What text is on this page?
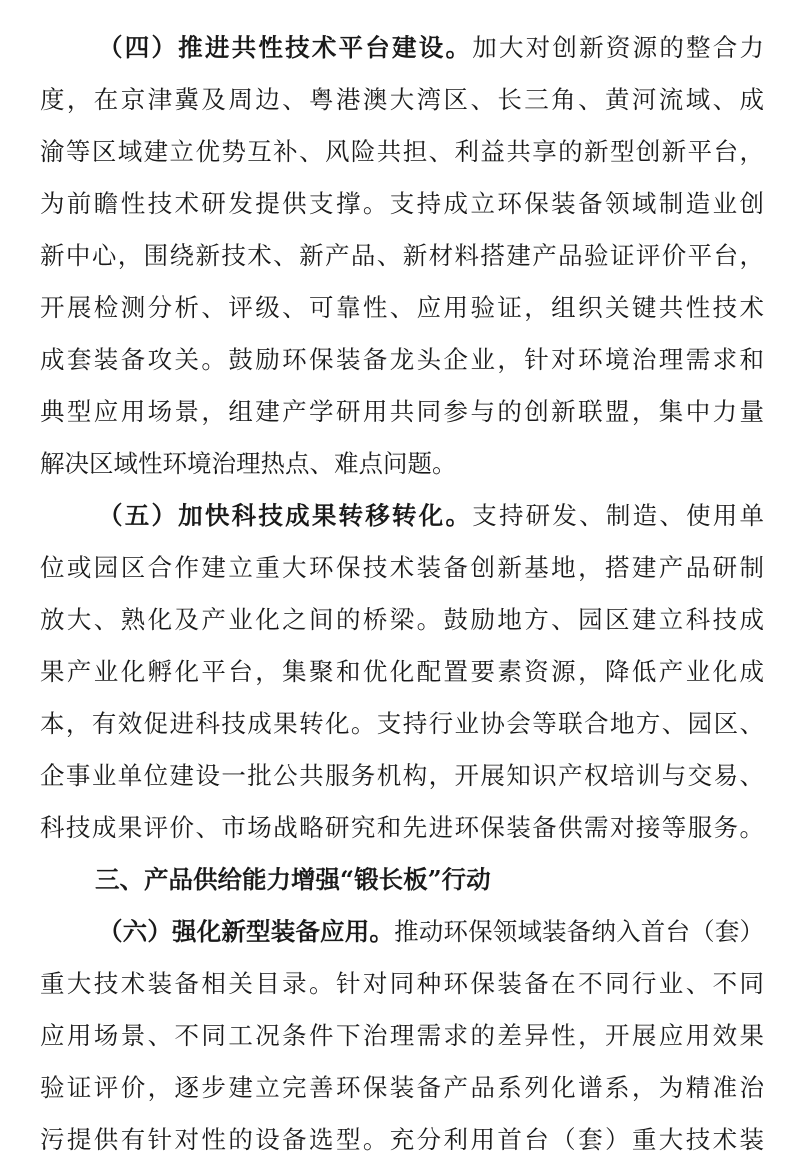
（四）推进共性技术平台建设。加大对创新资源的整合力
度，在京津冀及周边、粤港澳大湾区、长三角、黄河流域、成
渝等区域建立优势互补、风险共担、利益共享的新型创新平台，
为前瞻性技术研发提供支撑。支持成立环保装备领域制造业创
新中心，围绕新技术、新产品、新材料搭建产品验证评价平台，
开展检测分析、评级、可靠性、应用验证，组织关键共性技术
成套装备攻关。鼓励环保装备龙头企业，针对环境治理需求和
典型应用场景，组建产学研用共同参与的创新联盟，集中力量
解决区域性环境治理热点、难点问题。
（五）加快科技成果转移转化。支持研发、制造、使用单
位或园区合作建立重大环保技术装备创新基地，搭建产品研制
放大、熟化及产业化之间的桥梁。鼓励地方、园区建立科技成
果产业化孵化平台，集聚和优化配置要素资源，降低产业化成
本，有效促进科技成果转化。支持行业协会等联合地方、园区、
企事业单位建设一批公共服务机构，开展知识产权培训与交易、
科技成果评价、市场战略研究和先进环保装备供需对接等服务。
三、产品供给能力增强“锻长板”行动
（六）强化新型装备应用。推动环保领域装备纳入首台（套）
重大技术装备相关目录。针对同种环保装备在不同行业、不同
应用场景、不同工况条件下治理需求的差异性，开展应用效果
验证评价，逐步建立完善环保装备产品系列化谱系，为精准治
污提供有针对性的设备选型。充分利用首台（套）重大技术装
